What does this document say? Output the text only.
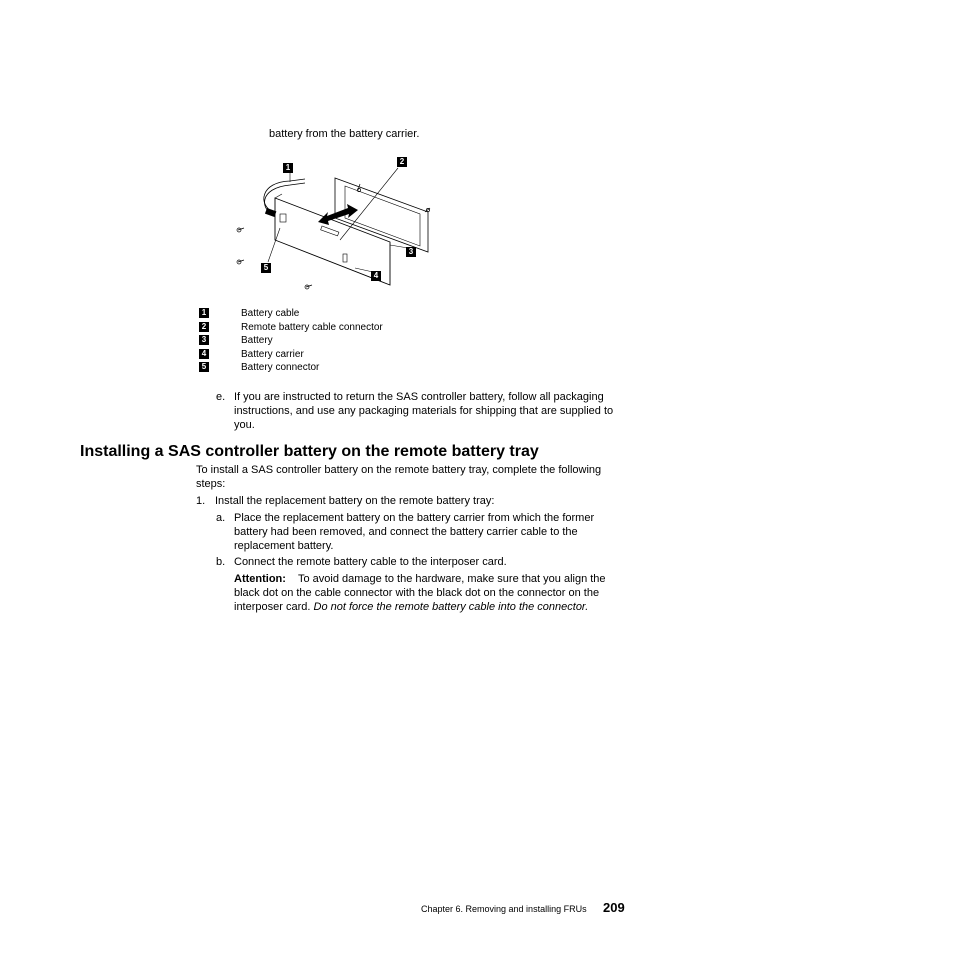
battery from the battery carrier.
1
2
3
4
5
1	Battery cable
2	Remote battery cable connector
3	Battery
4	Battery carrier
5	Battery connector
e. If you are instructed to return the SAS controller battery, follow all packaging instructions, and use any packaging materials for shipping that are supplied to you.
Installing a SAS controller battery on the remote battery tray
To install a SAS controller battery on the remote battery tray, complete the following steps:
1. Install the replacement battery on the remote battery tray:
a. Place the replacement battery on the battery carrier from which the former battery had been removed, and connect the battery carrier cable to the replacement battery.
b. Connect the remote battery cable to the interposer card.
Attention: To avoid damage to the hardware, make sure that you align the black dot on the cable connector with the black dot on the connector on the interposer card. Do not force the remote battery cable into the connector.
Chapter 6. Removing and installing FRUs 209
